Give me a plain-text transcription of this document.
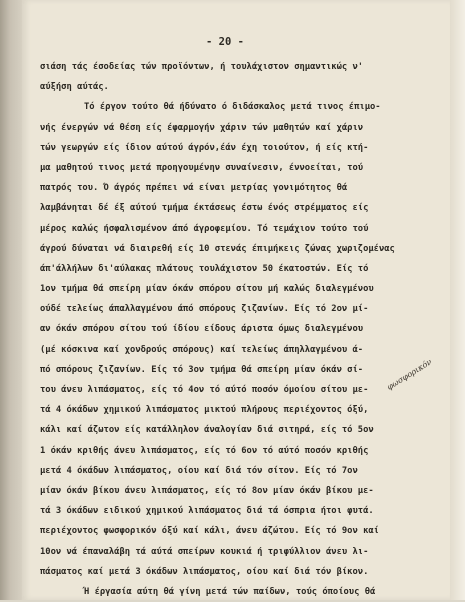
- 20 -
σιάση τάς έσοδείας τών προϊόντων, ή τουλάχιστον σημαντικώς ν'
αύξήση αύτάς.
Τό έργον τούτο θά ήδύνατο ό διδάσκαλος μετά τινος έπιμο-
νής ένεργών νά θέση είς έφαρμογήν χάριν τών μαθητών καί χάριν
τών γεωργών είς ίδιον αύτού άγρόν,έάν έχη τοιούτον, ή είς κτή-
μα μαθητού τινος μετά προηγουμένην συναίνεσιν, έννοείται, τού
πατρός του. Ό άγρός πρέπει νά είναι μετρίας γονιμότητος θά
λαμβάνηται δέ έξ αύτού τμήμα έκτάσεως έστω ένός στρέμματος είς
μέρος καλώς ήσφαλισμένον άπό άγροφεμίου. Τό τεμάχιον τούτο τού
άγρού δύναται νά διαιρεθή είς 10 στενάς έπιμήκεις ζώνας χωριζομένας
άπ'άλλήλων δι'αύλακας πλάτους τουλάχιστον 50 έκατοστών. Είς τό
1ον τμήμα θά σπείρη μίαν όκάν σπόρου σίτου μή καλώς διαλεγμένου
ούδέ τελείως άπαλλαγμένου άπό σπόρους ζιζανίων. Είς τό 2ον μί-
αν όκάν σπόρου σίτου τού ίδίου είδους άριστα όμως διαλεγμένου
(μέ κόσκινα καί χονδρούς σπόρους) καί τελείως άπηλλαγμένου ά-
πό σπόρους ζιζανίων. Είς τό 3ον τμήμα θά σπείρη μίαν όκάν σί-
του άνευ λιπάσματος, είς τό 4ον τό αύτό ποσόν όμοίου σίτου με-
τά 4 όκάδων χημικού λιπάσματος μικτού πλήρους περιέχοντος όξύ,
κάλι καί άζωτον είς κατάλληλον άναλογίαν διά σιτηρά, είς τό 5ον
1 όκάν κριθής άνευ λιπάσματος, είς τό 6ον τό αύτό ποσόν κριθής
μετά 4 όκάδων λιπάσματος, οίου καί διά τόν σίτον. Είς τό 7ον
μίαν όκάν βίκου άνευ λιπάσματος, είς τό 8ον μίαν όκάν βίκου με-
τά 3 όκάδων ειδικού χημικού λιπάσματος διά τά όσπρια ήτοι φυτά.
περιέχοντος φωσφορικόν όξύ καί κάλι, άνευ άζώτου. Είς τό 9ον καί
10ον νά έπαναλάβη τά αύτά σπείρων κουκιά ή τριφύλλιον άνευ λι-
πάσματος καί μετά 3 όκάδων λιπάσματος, οίου καί διά τόν βίκον.
Ή έργασία αύτη θά γίνη μετά τών παίδων, τούς όποίους θά
φωσφορικόν
